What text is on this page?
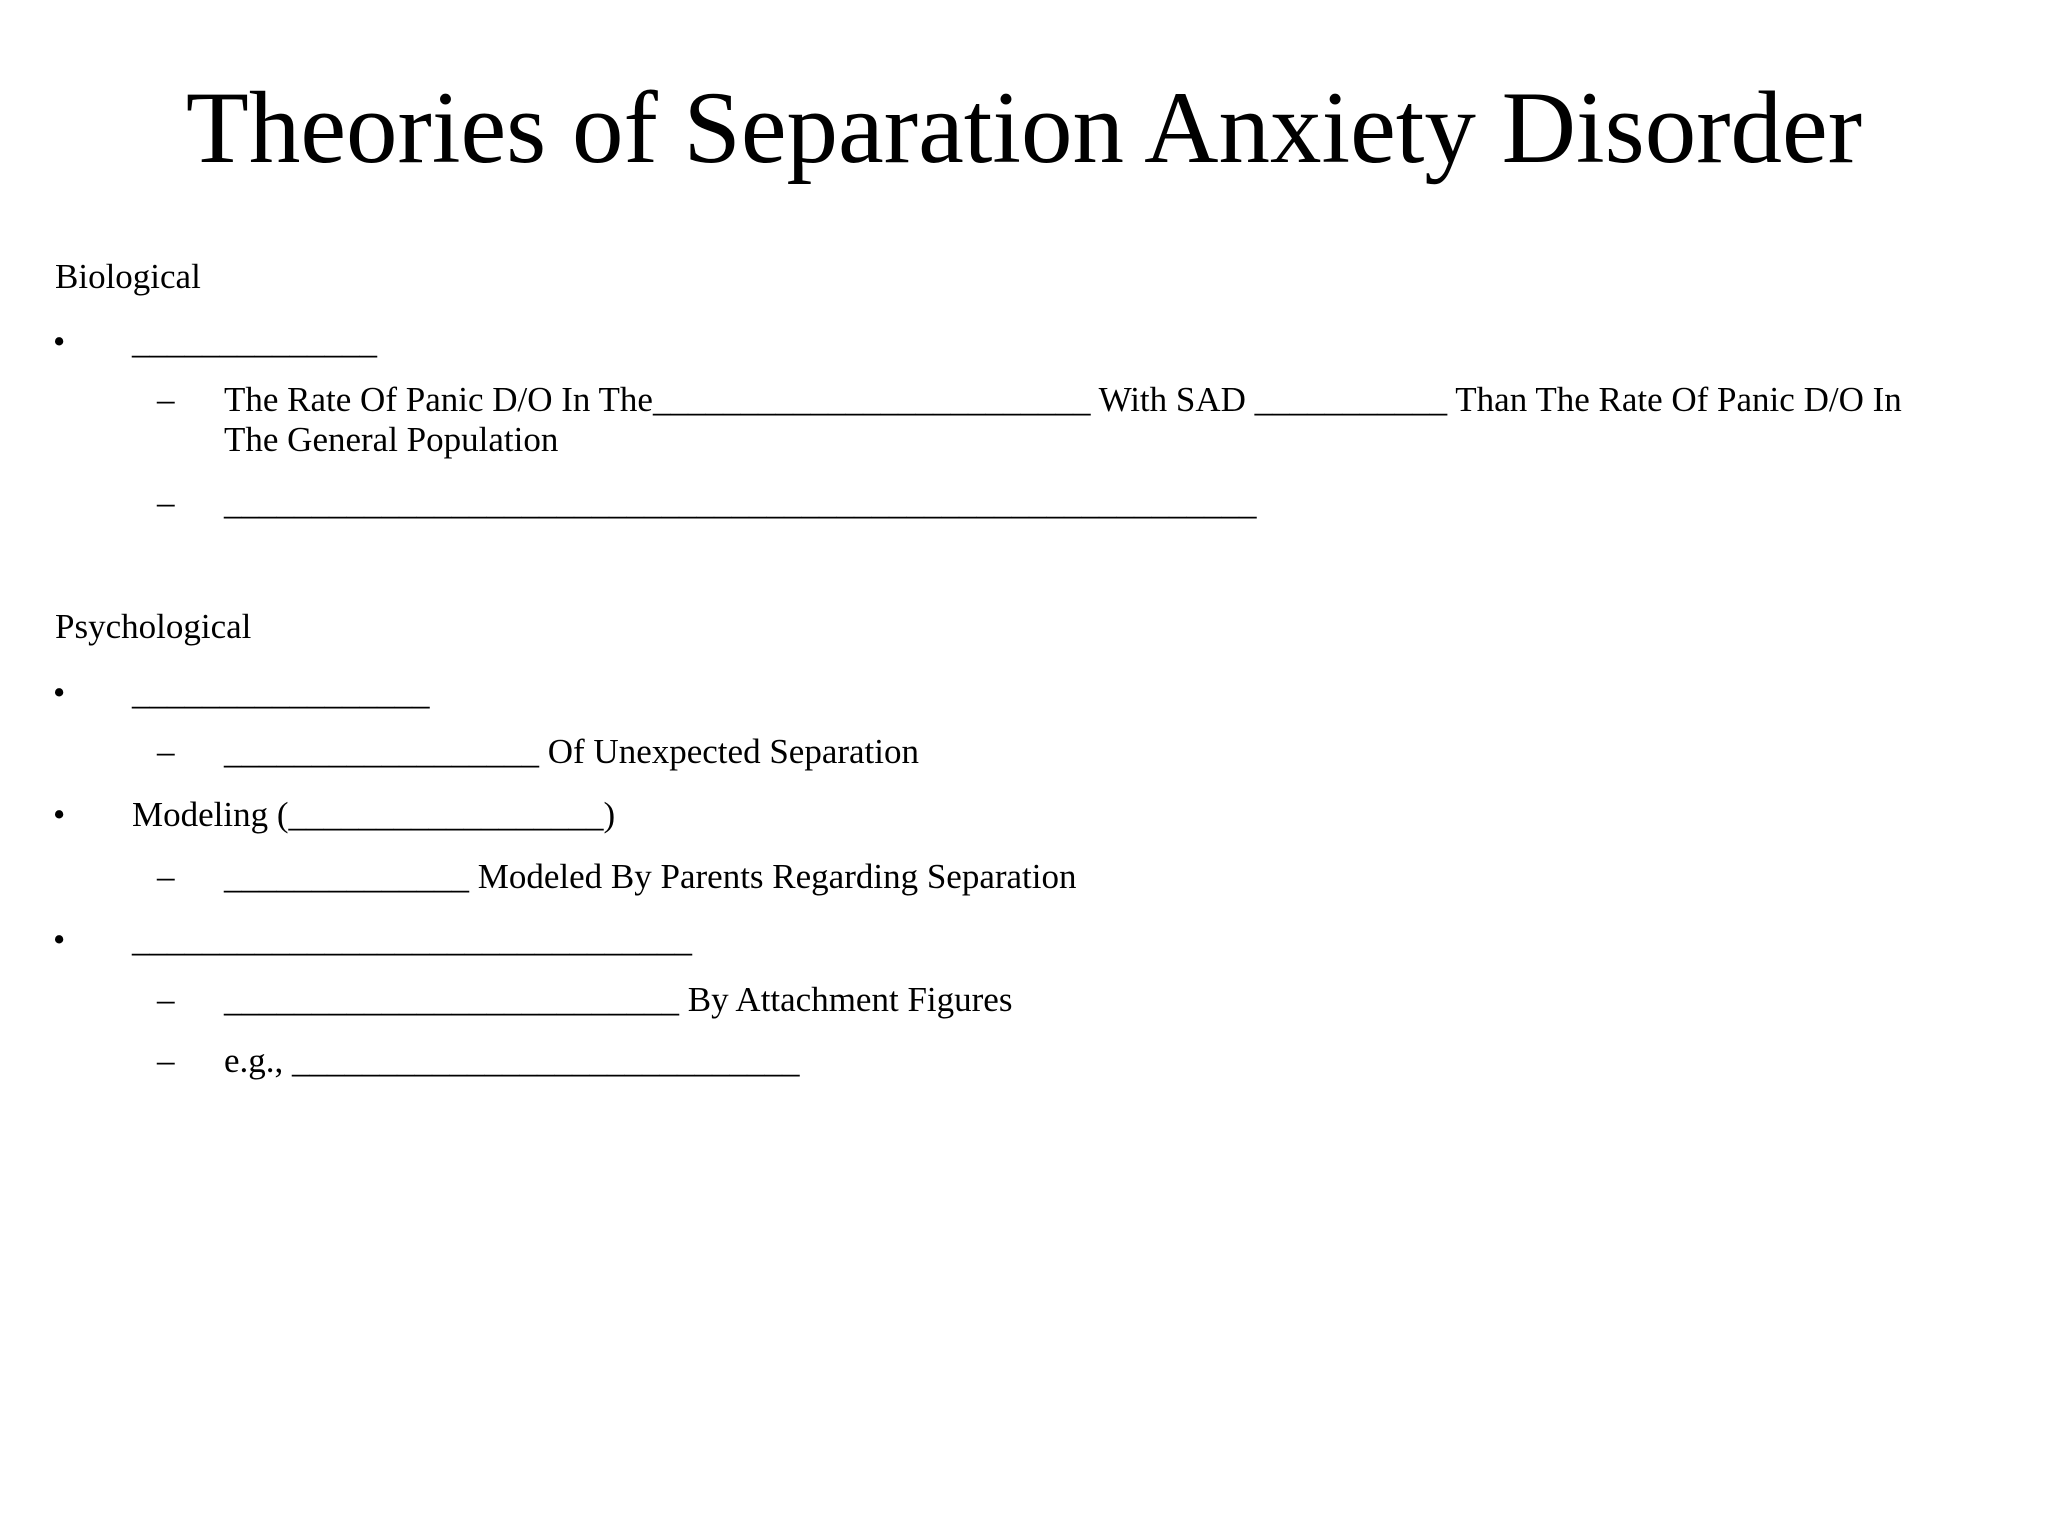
Theories of Separation Anxiety Disorder
Biological
• ______________
– The Rate Of Panic D/O In The_________________________ With SAD ___________ Than The Rate Of Panic D/O In
The General Population
– ___________________________________________________________
Psychological
• _________________
– __________________ Of Unexpected Separation
• Modeling (__________________)
– ______________ Modeled By Parents Regarding Separation
• ________________________________
– __________________________ By Attachment Figures
– e.g., _____________________________
